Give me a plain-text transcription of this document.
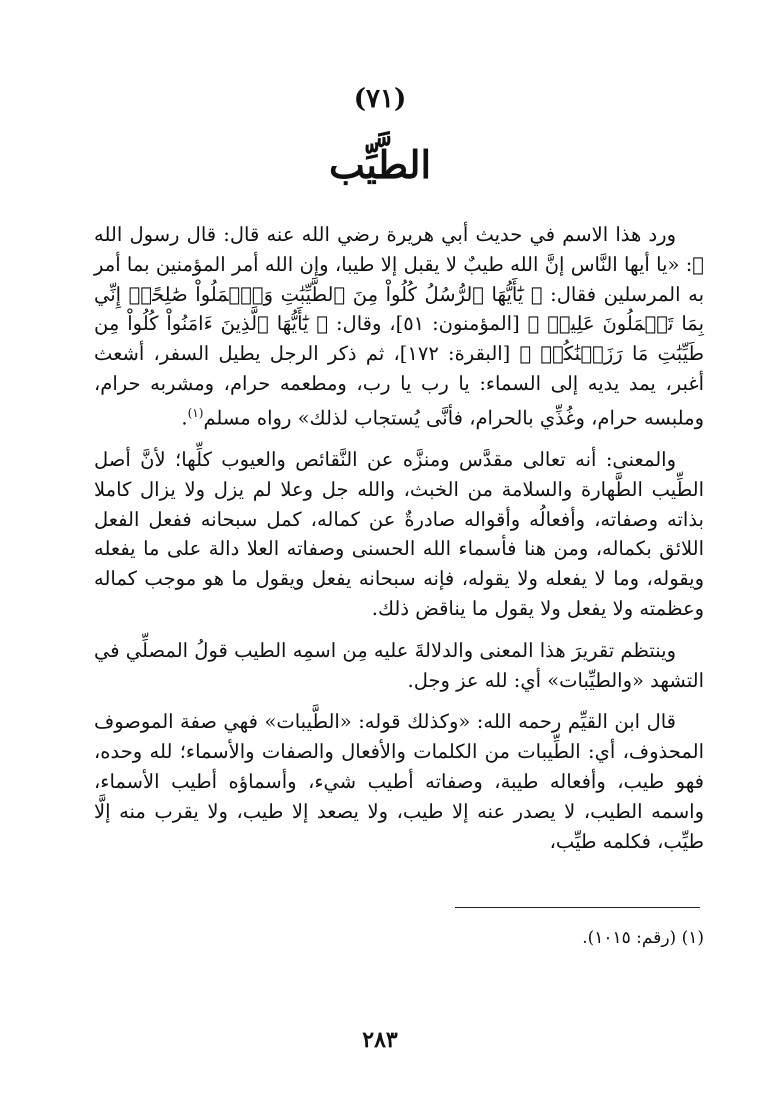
(٧١)
الطَّيِّب

ورد هذا الاسم في حديث أبي هريرة رضي الله عنه قال: قال رسول الله ﷺ: «يا أيها النَّاس إنَّ الله طيبٌ لا يقبل إلا طيبا، وإن الله أمر المؤمنين بما أمر به المرسلين فقال: ﴿ يَٰٓأَيُّهَا ٱلرُّسُلُ كُلُواْ مِنَ ٱلطَّيِّبَٰتِ وَٱعۡمَلُواْ صَٰلِحًاۖ إِنِّي بِمَا تَعۡمَلُونَ عَلِيمٞ ﴾ [المؤمنون: ٥١]، وقال: ﴿ يَٰٓأَيُّهَا ٱلَّذِينَ ءَامَنُواْ كُلُواْ مِن طَيِّبَٰتِ مَا رَزَقۡنَٰكُمۡ ﴾ [البقرة: ١٧٢]، ثم ذكر الرجل يطيل السفر، أشعث أغبر، يمد يديه إلى السماء: يا رب يا رب، ومطعمه حرام، ومشربه حرام، وملبسه حرام، وغُذِّي بالحرام، فأنَّى يُستجاب لذلك» رواه مسلم$^{(١)}$.

والمعنى: أنه تعالى مقدَّس ومنزَّه عن النَّقائص والعيوب كلِّها؛ لأنَّ أصل الطِّيب الطَّهارة والسلامة من الخبث، والله جل وعلا لم يزل ولا يزال كاملا بذاته وصفاته، وأفعالُه وأقواله صادرةٌ عن كماله، كمل سبحانه ففعل الفعل اللائق بكماله، ومن هنا فأسماء الله الحسنى وصفاته العلا دالة على ما يفعله ويقوله، وما لا يفعله ولا يقوله، فإنه سبحانه يفعل ويقول ما هو موجب كماله وعظمته ولا يفعل ولا يقول ما يناقض ذلك.

وينتظم تقريرَ هذا المعنى والدلالةَ عليه مِن اسمِه الطيب قولُ المصلِّي في التشهد «والطيِّبات» أي: لله عز وجل.

قال ابن القيِّم رحمه الله: «وكذلك قوله: «الطَّيبات» فهي صفة الموصوف المحذوف، أي: الطِّيبات من الكلمات والأفعال والصفات والأسماء؛ لله وحده، فهو طيب، وأفعاله طيبة، وصفاته أطيب شيء، وأسماؤه أطيب الأسماء، واسمه الطيب، لا يصدر عنه إلا طيب، ولا يصعد إلا طيب، ولا يقرب منه إلَّا طيِّب، فكلمه طيِّب،

(١) (رقم: ١٠١٥).
٢٨٣
